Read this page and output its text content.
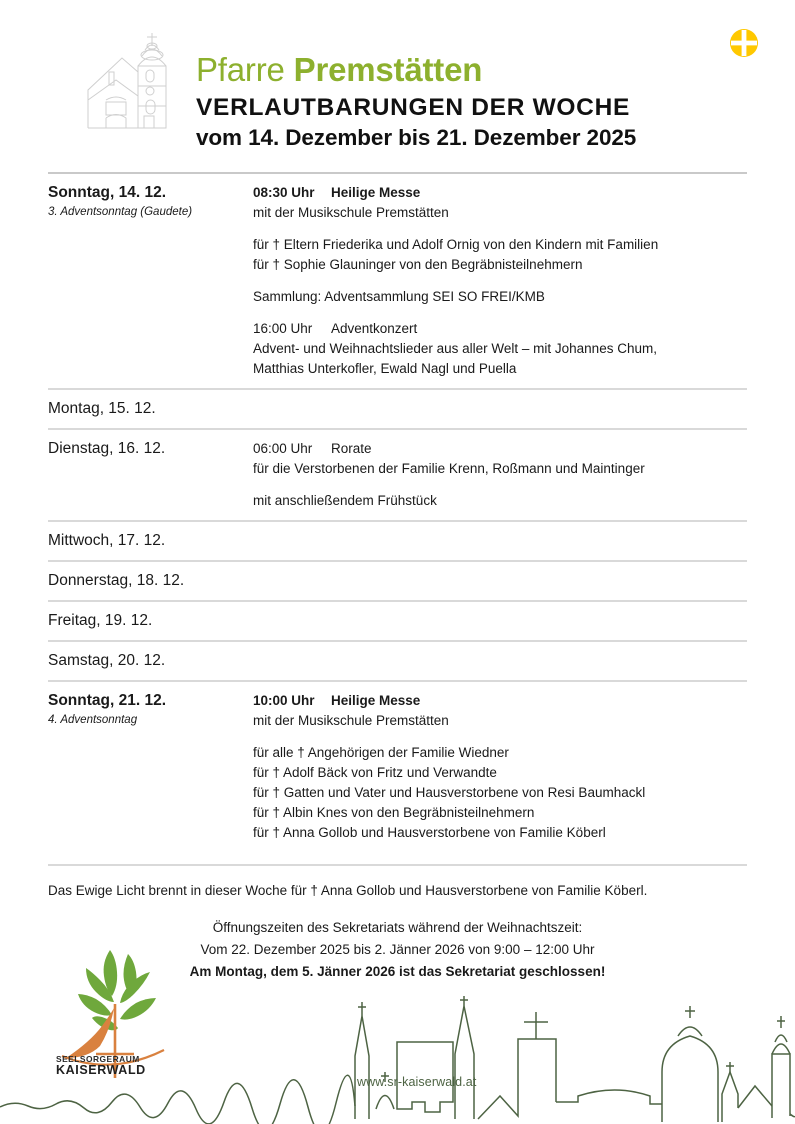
Pfarre Premstätten
VERLAUTBARUNGEN DER WOCHE
vom 14. Dezember bis 21. Dezember 2025
Sonntag, 14. 12.
3. Adventsonntag (Gaudete)
08:30 Uhr Heilige Messe
mit der Musikschule Premstätten
für † Eltern Friederika und Adolf Ornig von den Kindern mit Familien
für † Sophie Glauninger von den Begräbnisteilnehmern
Sammlung: Adventsammlung SEI SO FREI/KMB
16:00 Uhr Adventkonzert
Advent- und Weihnachtslieder aus aller Welt – mit Johannes Chum,
Matthias Unterkofler, Ewald Nagl und Puella
Montag, 15. 12.
Dienstag, 16. 12.	06:00 Uhr Rorate
für die Verstorbenen der Familie Krenn, Roßmann und Maintinger
mit anschließendem Frühstück
Mittwoch, 17. 12.
Donnerstag, 18. 12.
Freitag, 19. 12.
Samstag, 20. 12.
Sonntag, 21. 12.
4. Adventsonntag
10:00 Uhr Heilige Messe
mit der Musikschule Premstätten
für alle † Angehörigen der Familie Wiedner
für † Adolf Bäck von Fritz und Verwandte
für † Gatten und Vater und Hausverstorbene von Resi Baumhackl
für † Albin Knes von den Begräbnisteilnehmern
für † Anna Gollob und Hausverstorbene von Familie Köberl
Das Ewige Licht brennt in dieser Woche für † Anna Gollob und Hausverstorbene von Familie Köberl.
Öffnungszeiten des Sekretariats während der Weihnachtszeit:
Vom 22. Dezember 2025 bis 2. Jänner 2026 von 9:00 – 12:00 Uhr
Am Montag, dem 5. Jänner 2026 ist das Sekretariat geschlossen!
SEELSORGERAUM
KAISERWALD
www.sr-kaiserwald.at
